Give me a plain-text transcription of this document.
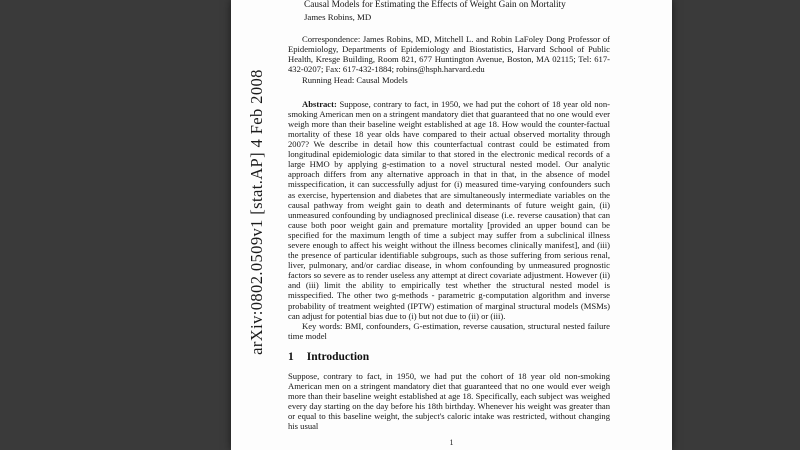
arXiv:0802.0509v1 [stat.AP] 4 Feb 2008
Causal Models for Estimating the Effects of Weight Gain on Mortality
James Robins, MD

Correspondence: James Robins, MD, Mitchell L. and Robin LaFoley Dong Professor of Epidemiology, Departments of Epidemiology and Biostatistics, Harvard School of Public Health, Kresge Building, Room 821, 677 Huntington Avenue, Boston, MA 02115; Tel: 617-432-0207; Fax: 617-432-1884; robins@hsph.harvard.edu

Running Head: Causal Models

Abstract: Suppose, contrary to fact, in 1950, we had put the cohort of 18 year old non-smoking American men on a stringent mandatory diet that guaranteed that no one would ever weigh more than their baseline weight established at age 18. How would the counter-factual mortality of these 18 year olds have compared to their actual observed mortality through 2007? We describe in detail how this counterfactual contrast could be estimated from longitudinal epidemiologic data similar to that stored in the electronic medical records of a large HMO by applying g-estimation to a novel structural nested model. Our analytic approach differs from any alternative approach in that in that, in the absence of model misspecification, it can successfully adjust for (i) measured time-varying confounders such as exercise, hypertension and diabetes that are simultaneously intermediate variables on the causal pathway from weight gain to death and determinants of future weight gain, (ii) unmeasured confounding by undiagnosed preclinical disease (i.e. reverse causation) that can cause both poor weight gain and premature mortality [provided an upper bound can be specified for the maximum length of time a subject may suffer from a subclinical illness severe enough to affect his weight without the illness becomes clinically manifest], and (iii) the presence of particular identifiable subgroups, such as those suffering from serious renal, liver, pulmonary, and/or cardiac disease, in whom confounding by unmeasured prognostic factors so severe as to render useless any attempt at direct covariate adjustment. However (ii) and (iii) limit the ability to empirically test whether the structural nested model is misspecified. The other two g-methods - parametric g-computation algorithm and inverse probability of treatment weighted (IPTW) estimation of marginal structural models (MSMs) can adjust for potential bias due to (i) but not due to (ii) or (iii).

Key words: BMI, confounders, G-estimation, reverse causation, structural nested failure time model

1 Introduction

Suppose, contrary to fact, in 1950, we had put the cohort of 18 year old non-smoking American men on a stringent mandatory diet that guaranteed that no one would ever weigh more than their baseline weight established at age 18. Specifically, each subject was weighed every day starting on the day before his 18th birthday. Whenever his weight was greater than or equal to this baseline weight, the subject's caloric intake was restricted, without changing his usual

1
